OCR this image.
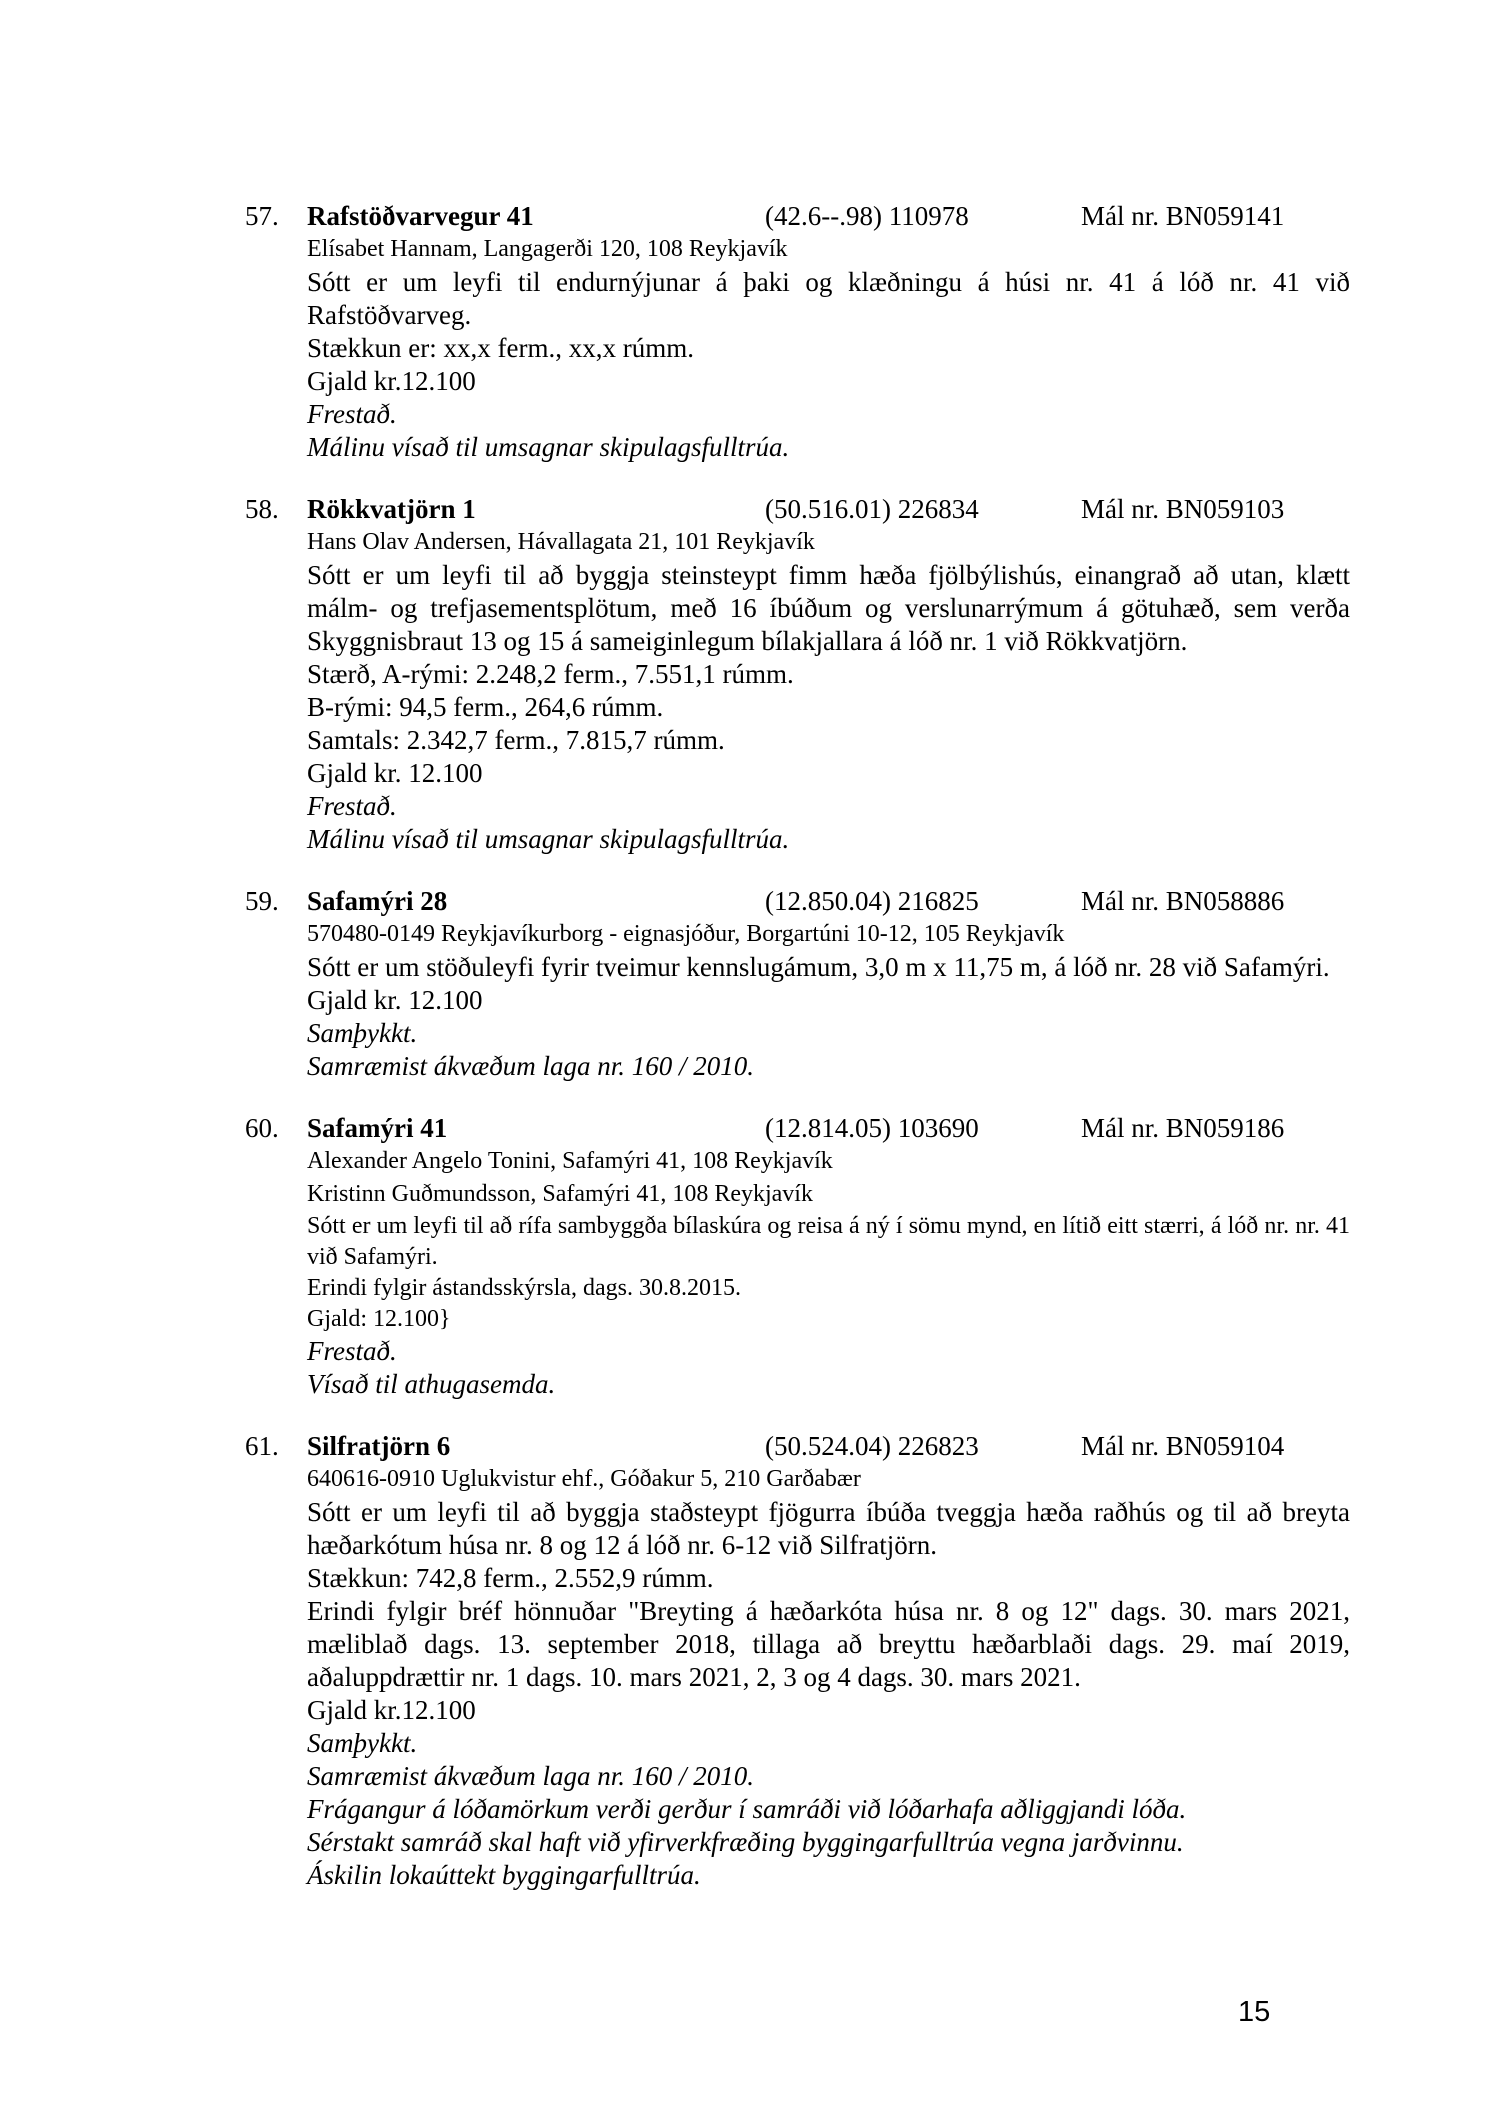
57.	Rafstöðvarvegur 41	(42.6--.98) 110978	Mál nr. BN059141

Elísabet Hannam, Langagerði 120, 108 Reykjavík

Sótt er um leyfi til endurnýjunar á þaki og klæðningu á húsi nr. 41 á lóð nr. 41 við Rafstöðvarveg.

Stækkun er: xx,x ferm., xx,x rúmm.

Gjald kr.12.100

Frestað.

Málinu vísað til umsagnar skipulagsfulltrúa.

58.	Rökkvatjörn 1	(50.516.01) 226834	Mál nr. BN059103

Hans Olav Andersen, Hávallagata 21, 101 Reykjavík

Sótt er um leyfi til að byggja steinsteypt fimm hæða fjölbýlishús, einangrað að utan, klætt málm- og trefjasementsplötum, með 16 íbúðum og verslunarrýmum á götuhæð, sem verða Skyggnisbraut 13 og 15 á sameiginlegum bílakjallara á lóð nr. 1 við Rökkvatjörn.

Stærð, A-rými: 2.248,2 ferm., 7.551,1 rúmm.

B-rými: 94,5 ferm., 264,6 rúmm.

Samtals: 2.342,7 ferm., 7.815,7 rúmm.

Gjald kr. 12.100

Frestað.

Málinu vísað til umsagnar skipulagsfulltrúa.

59.	Safamýri 28	(12.850.04) 216825	Mál nr. BN058886

570480-0149 Reykjavíkurborg - eignasjóður, Borgartúni 10-12, 105 Reykjavík

Sótt er um stöðuleyfi fyrir tveimur kennslugámum, 3,0 m x 11,75 m, á lóð nr. 28 við Safamýri.

Gjald kr. 12.100

Samþykkt.

Samræmist ákvæðum laga nr. 160 / 2010.

60.	Safamýri 41	(12.814.05) 103690	Mál nr. BN059186

Alexander Angelo Tonini, Safamýri 41, 108 Reykjavík

Kristinn Guðmundsson, Safamýri 41, 108 Reykjavík

Sótt er um leyfi til að rífa sambyggða bílaskúra og reisa á ný í sömu mynd, en lítið eitt stærri, á lóð nr. nr. 41 við Safamýri.

Erindi fylgir ástandsskýrsla, dags. 30.8.2015.

Gjald: 12.100}

Frestað.

Vísað til athugasemda.

61.	Silfratjörn 6	(50.524.04) 226823	Mál nr. BN059104

640616-0910 Uglukvistur ehf., Góðakur 5, 210 Garðabær

Sótt er um leyfi til að byggja staðsteypt fjögurra íbúða tveggja hæða raðhús og til að breyta hæðarkótum húsa nr. 8 og 12 á lóð nr. 6-12 við Silfratjörn.

Stækkun: 742,8 ferm., 2.552,9 rúmm.

Erindi fylgir bréf hönnuðar "Breyting á hæðarkóta húsa nr. 8 og 12" dags. 30. mars 2021, mæliblað dags. 13. september 2018, tillaga að breyttu hæðarblaði dags. 29. maí 2019, aðaluppdrættir nr. 1 dags. 10. mars 2021, 2, 3 og 4 dags. 30. mars 2021.

Gjald kr.12.100

Samþykkt.

Samræmist ákvæðum laga nr. 160 / 2010.

Frágangur á lóðamörkum verði gerður í samráði við lóðarhafa aðliggjandi lóða.

Sérstakt samráð skal haft við yfirverkfræðing byggingarfulltrúa vegna jarðvinnu.

Áskilin lokaúttekt byggingarfulltrúa.

15
